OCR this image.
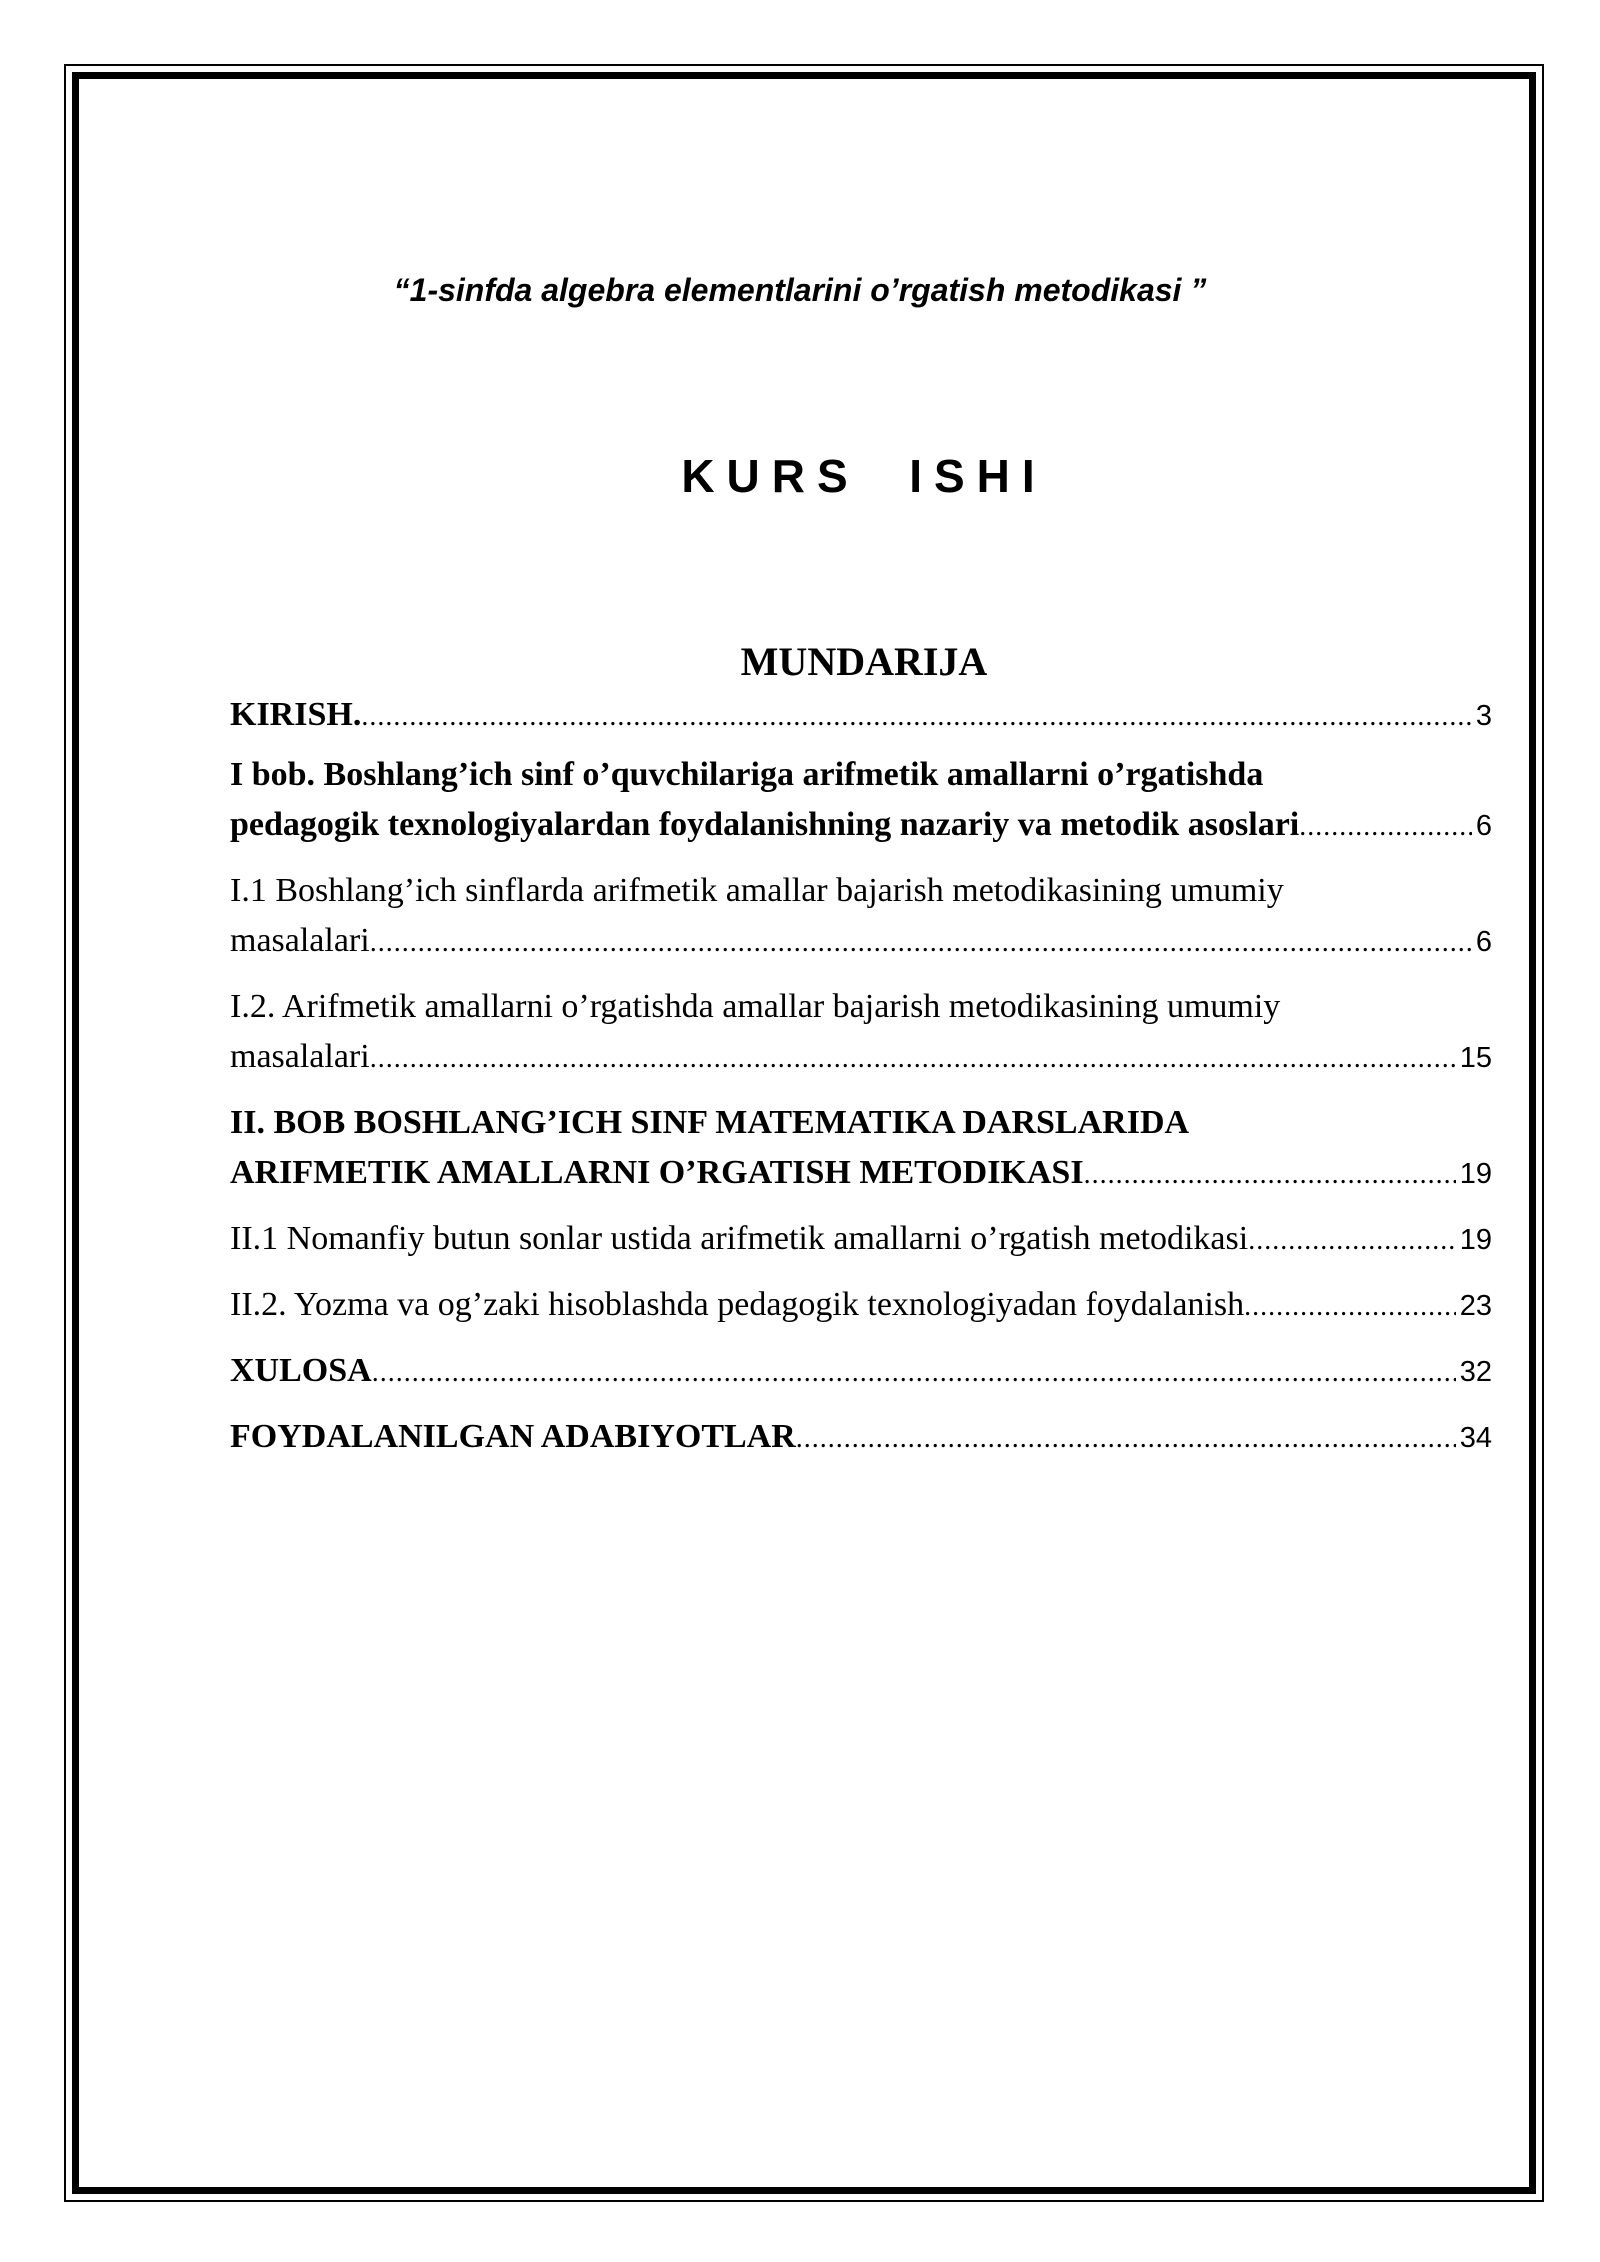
“1-sinfda algebra elementlarini o’rgatish metodikasi ”
KURS  ISHI
MUNDARIJA
KIRISH. .....	3
I bob. Boshlang’ich sinf o’quvchilariga arifmetik amallarni o’rgatishda
pedagogik texnologiyalardan foydalanishning nazariy va metodik asoslari .....	6
I.1 Boshlang’ich sinflarda arifmetik amallar bajarish metodikasining umumiy
masalalari .....	6
I.2. Arifmetik amallarni o’rgatishda amallar bajarish metodikasining umumiy
masalalari .....	15
II. BOB BOSHLANG’ICH SINF MATEMATIKA DARSLARIDA
ARIFMETIK AMALLARNI O’RGATISH METODIKASI .....	19
II.1 Nomanfiy butun sonlar ustida arifmetik amallarni o’rgatish metodikasi .....	19
II.2. Yozma va og’zaki hisoblashda pedagogik texnologiyadan foydalanish .....	23
XULOSA .....	32
FOYDALANILGAN ADABIYOTLAR .....	34
